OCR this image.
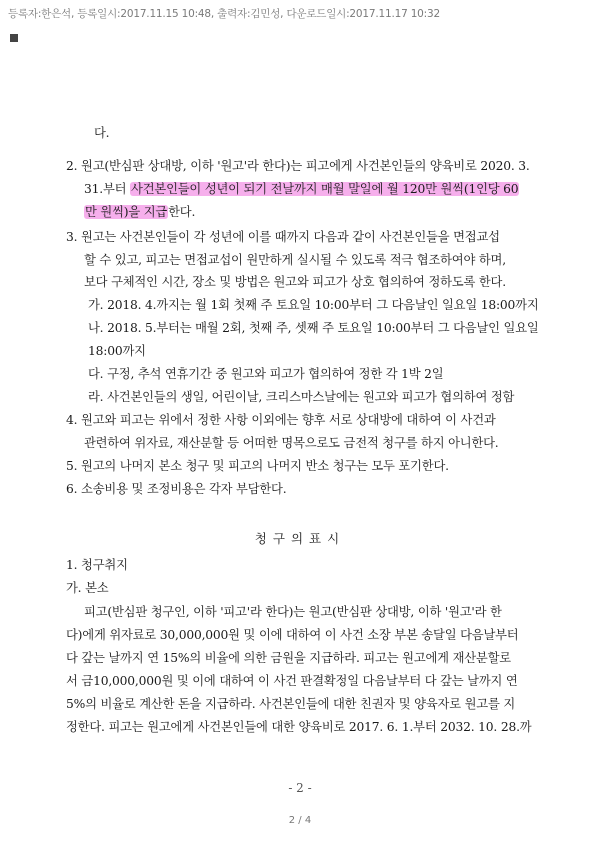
등록자:한은석, 등록일시:2017.11.15 10:48, 출력자:김민성, 다운로드일시:2017.11.17 10:32
다.
2. 원고(반심판 상대방, 이하 '원고'라 한다)는 피고에게 사건본인들의 양육비로 2020. 3.
31.부터 사건본인들이 성년이 되기 전날까지 매월 말일에 월 120만 원씩(1인당 60
만 원씩)을 지급한다.
3. 원고는 사건본인들이 각 성년에 이를 때까지 다음과 같이 사건본인들을 면접교섭
할 수 있고, 피고는 면접교섭이 원만하게 실시될 수 있도록 적극 협조하여야 하며,
보다 구체적인 시간, 장소 및 방법은 원고와 피고가 상호 협의하여 정하도록 한다.
가. 2018. 4.까지는 월 1회 첫째 주 토요일 10:00부터 그 다음날인 일요일 18:00까지
나. 2018. 5.부터는 매월 2회, 첫째 주, 셋째 주 토요일 10:00부터 그 다음날인 일요일
18:00까지
다. 구정, 추석 연휴기간 중 원고와 피고가 협의하여 정한 각 1박 2일
라. 사건본인들의 생일, 어린이날, 크리스마스날에는 원고와 피고가 협의하여 정함
4. 원고와 피고는 위에서 정한 사항 이외에는 향후 서로 상대방에 대하여 이 사건과
관련하여 위자료, 재산분할 등 어떠한 명목으로도 금전적 청구를 하지 아니한다.
5. 원고의 나머지 본소 청구 및 피고의 나머지 반소 청구는 모두 포기한다.
6. 소송비용 및 조정비용은 각자 부담한다.
청구의표시
1. 청구취지
가. 본소
피고(반심판 청구인, 이하 '피고'라 한다)는 원고(반심판 상대방, 이하 '원고'라 한
다)에게 위자료로 30,000,000원 및 이에 대하여 이 사건 소장 부본 송달일 다음날부터
다 갚는 날까지 연 15%의 비율에 의한 금원을 지급하라. 피고는 원고에게 재산분할로
서 금10,000,000원 및 이에 대하여 이 사건 판결확정일 다음날부터 다 갚는 날까지 연
5%의 비율로 계산한 돈을 지급하라. 사건본인들에 대한 친권자 및 양육자로 원고를 지
정한다. 피고는 원고에게 사건본인들에 대한 양육비로 2017. 6. 1.부터 2032. 10. 28.까
- 2 -
2 / 4
